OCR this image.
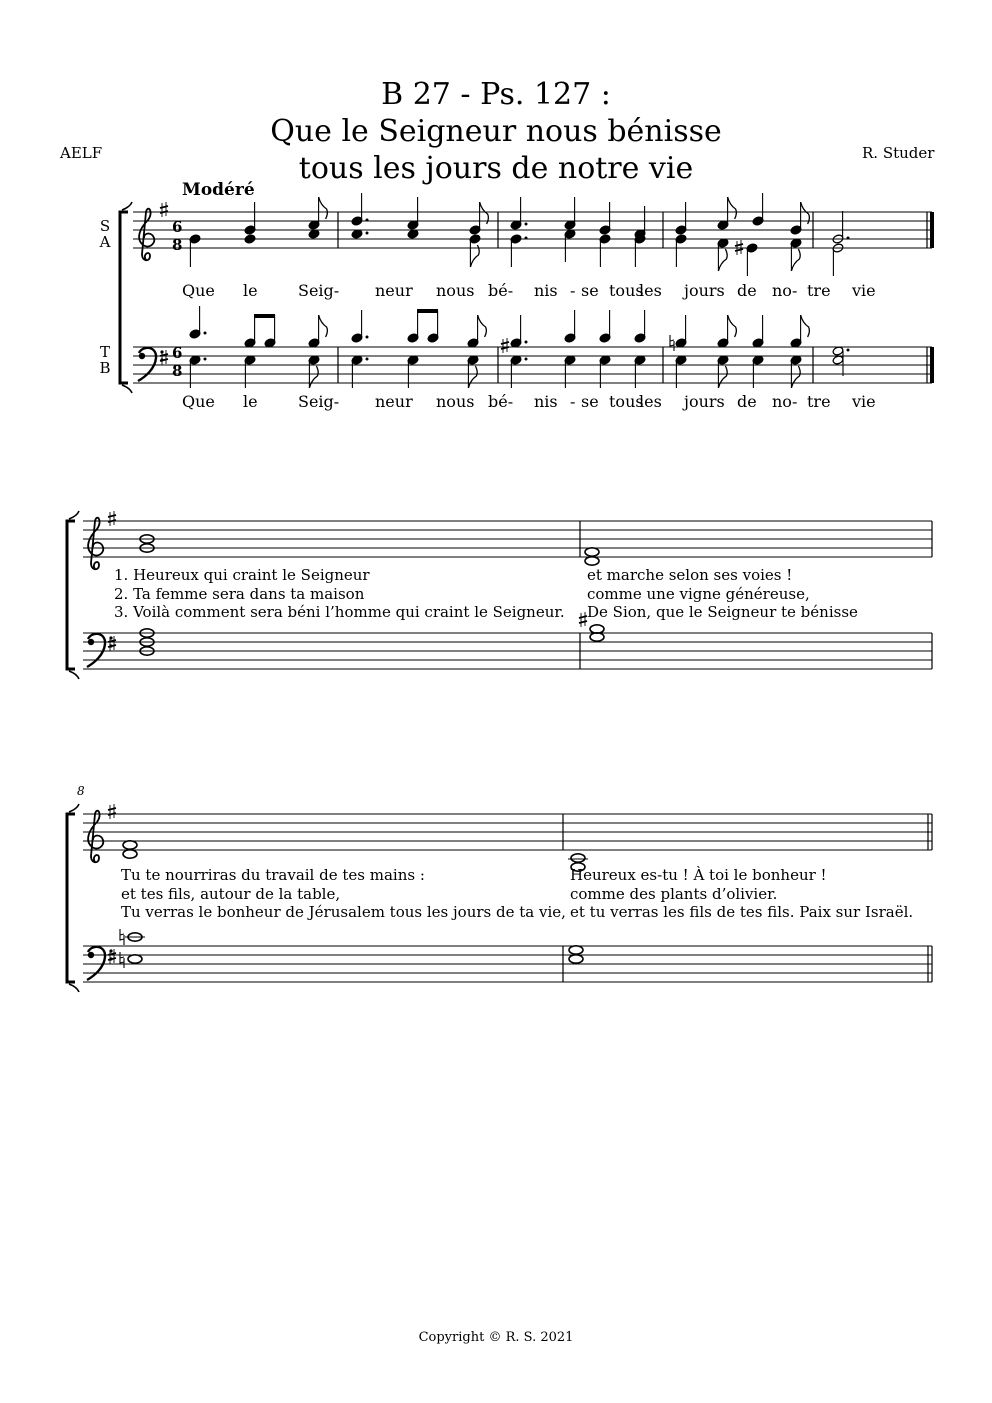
B 27 - Ps. 127 :
Que le Seigneur nous bénisse
tous les jours de notre vie
AELF	R. Studer
Modéré
S
A
T
B
Que le	Seig- neur nous bé- nis - se tous
les jours de no- tre vie
Que le	Seig- neur nous bé- nis - se tous
les jours de no- tre vie
1. Heureux qui craint le Seigneur
2. Ta femme sera dans ta maison
3. Voilà comment sera béni l’homme qui craint le Seigneur.
et marche selon ses voies !
comme une vigne généreuse,
De Sion, que le Seigneur te bénisse
8
Tu te nourriras du travail de tes mains :
et tes fils, autour de la table,
Tu verras le bonheur de Jérusalem tous les jours de ta vie,
Heureux es-tu ! À toi le bonheur !
comme des plants d’olivier.
et tu verras les fils de tes fils. Paix sur Israël.
Copyright © R. S. 2021
6
8
6
8
